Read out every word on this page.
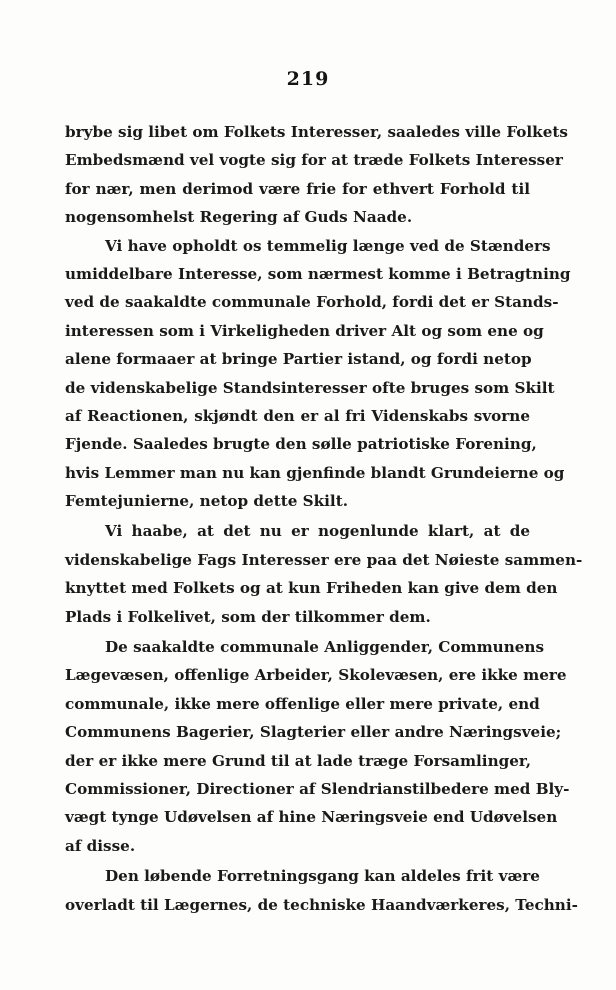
219
brybe sig libet om Folkets Interesser, saaledes ville Folkets
Embedsmænd vel vogte sig for at træde Folkets Interesser
for nær, men derimod være frie for ethvert Forhold til
nogensomhelst Regering af Guds Naade.
Vi have opholdt os temmelig længe ved de Stænders
umiddelbare Interesse, som nærmest komme i Betragtning
ved de saakaldte communale Forhold, fordi det er Stands-
interessen som i Virkeligheden driver Alt og som ene og
alene formaaer at bringe Partier istand, og fordi netop
de videnskabelige Standsinteresser ofte bruges som Skilt
af Reactionen, skjøndt den er al fri Videnskabs svorne
Fjende. Saaledes brugte den søllе patriotiske Forening,
hvis Lemmer man nu kan gjenfinde blandt Grundeierne og
Femtejunierne, netop dette Skilt.
Vi haabe, at det nu er nogenlunde klart, at de
videnskabelige Fags Interesser ere paa det Nøieste sammen-
knyttet med Folkets og at kun Friheden kan give dem den
Plads i Folkelivet, som der tilkommer dem.
De saakaldte communale Anliggender, Communens
Lægevæsen, offenlige Arbeider, Skolevæsen, ere ikke mere
communale, ikke mere offenlige eller mere private, end
Communens Bagerier, Slagterier eller andre Næringsveie;
der er ikke mere Grund til at lade træge Forsamlinger,
Commissioner, Directioner af Slendrianstilbedere med Bly-
vægt tynge Udøvelsen af hine Næringsveie end Udøvelsen
af disse.
Den løbende Forretningsgang kan aldeles frit være
overladt til Lægernes, de techniske Haandværkeres, Techni-
